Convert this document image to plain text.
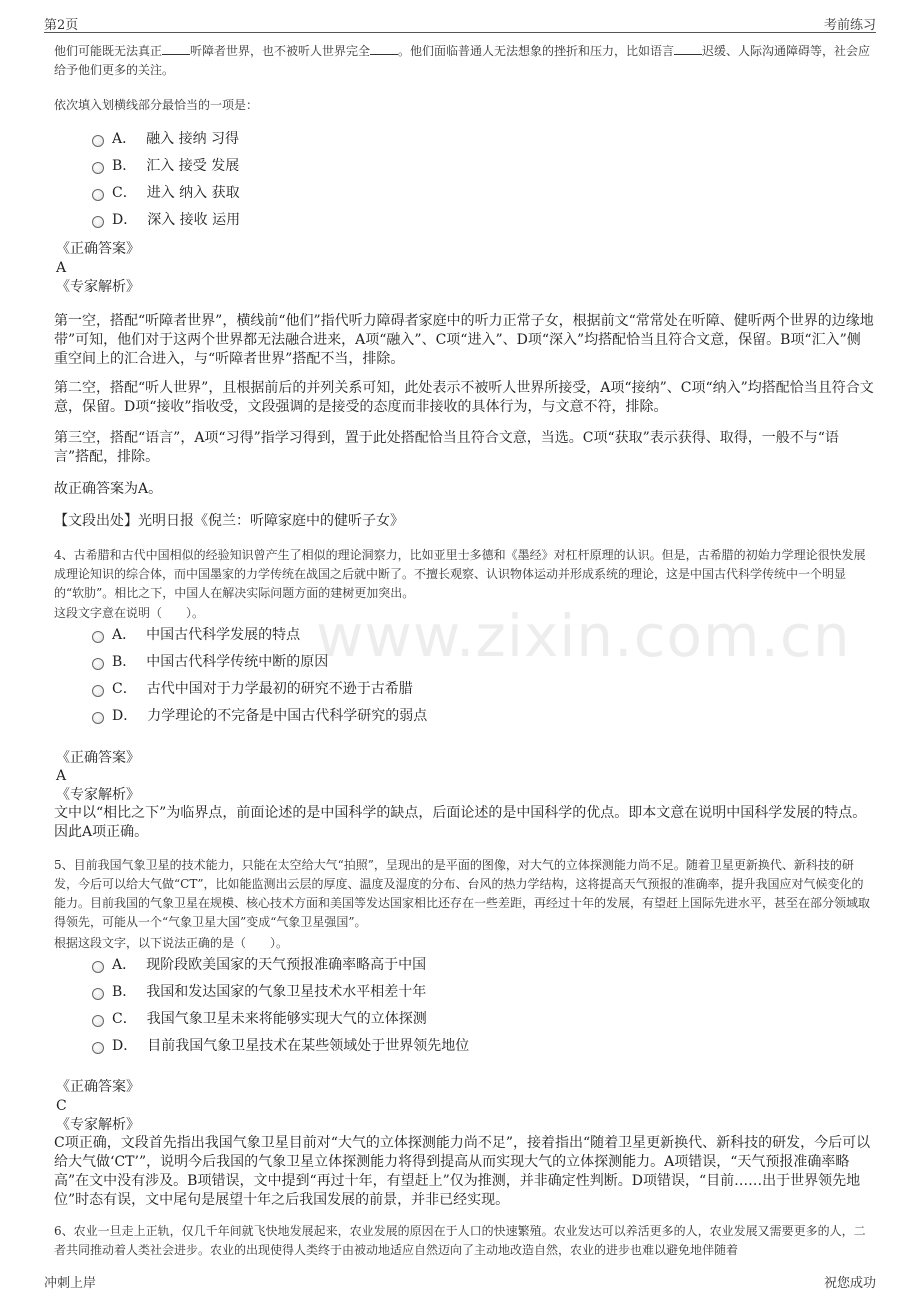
第2页	考前练习
www.zixin.com.cn

他们可能既无法真正 听障者世界，也不被听人世界完全 。他们面临普通人无法想象的挫折和压力，比如语言 迟缓、人际沟通障碍等，社会应给予他们更多的关注。

依次填入划横线部分最恰当的一项是：
A． 融入 接纳 习得
B． 汇入 接受 发展
C． 进入 纳入 获取
D． 深入 接收 运用
《正确答案》
A
《专家解析》
第一空，搭配“听障者世界”，横线前“他们”指代听力障碍者家庭中的听力正常子女，根据前文“常常处在听障、健听两个世界的边缘地带”可知，他们对于这两个世界都无法融合进来，A项“融入”、C项“进入”、D项“深入”均搭配恰当且符合文意，保留。B项“汇入”侧重空间上的汇合进入，与“听障者世界”搭配不当，排除。
第二空，搭配“听人世界”，且根据前后的并列关系可知，此处表示不被听人世界所接受，A项“接纳”、C项“纳入”均搭配恰当且符合文意，保留。D项“接收”指收受，文段强调的是接受的态度而非接收的具体行为，与文意不符，排除。
第三空，搭配“语言”，A项“习得”指学习得到，置于此处搭配恰当且符合文意，当选。C项“获取”表示获得、取得，一般不与“语言”搭配，排除。
故正确答案为A。
【文段出处】光明日报《倪兰：听障家庭中的健听子女》
4、古希腊和古代中国相似的经验知识曾产生了相似的理论洞察力，比如亚里士多德和《墨经》对杠杆原理的认识。但是，古希腊的初始力学理论很快发展成理论知识的综合体，而中国墨家的力学传统在战国之后就中断了。不擅长观察、认识物体运动并形成系统的理论，这是中国古代科学传统中一个明显的“软肋”。相比之下，中国人在解决实际问题方面的建树更加突出。
这段文字意在说明（　　）。
A． 中国古代科学发展的特点
B． 中国古代科学传统中断的原因
C． 古代中国对于力学最初的研究不逊于古希腊
D． 力学理论的不完备是中国古代科学研究的弱点
《正确答案》
A
《专家解析》
文中以“相比之下”为临界点，前面论述的是中国科学的缺点，后面论述的是中国科学的优点。即本文意在说明中国科学发展的特点。因此A项正确。
5、目前我国气象卫星的技术能力，只能在太空给大气“拍照”，呈现出的是平面的图像，对大气的立体探测能力尚不足。随着卫星更新换代、新科技的研发，今后可以给大气做“CT”，比如能监测出云层的厚度、温度及湿度的分布、台风的热力学结构，这将提高天气预报的准确率，提升我国应对气候变化的能力。目前我国的气象卫星在规模、核心技术方面和美国等发达国家相比还存在一些差距，再经过十年的发展，有望赶上国际先进水平，甚至在部分领域取得领先，可能从一个“气象卫星大国”变成“气象卫星强国”。
根据这段文字，以下说法正确的是（　　）。
A． 现阶段欧美国家的天气预报准确率略高于中国
B． 我国和发达国家的气象卫星技术水平相差十年
C． 我国气象卫星未来将能够实现大气的立体探测
D． 目前我国气象卫星技术在某些领域处于世界领先地位
《正确答案》
C
《专家解析》
C项正确，文段首先指出我国气象卫星目前对“大气的立体探测能力尚不足”，接着指出“随着卫星更新换代、新科技的研发，今后可以给大气做‘CT’”，说明今后我国的气象卫星立体探测能力将得到提高从而实现大气的立体探测能力。A项错误，“天气预报准确率略高”在文中没有涉及。B项错误，文中提到“再过十年，有望赶上”仅为推测，并非确定性判断。D项错误，“目前……出于世界领先地位”时态有误，文中尾句是展望十年之后我国发展的前景，并非已经实现。
6、农业一旦走上正轨，仅几千年间就飞快地发展起来，农业发展的原因在于人口的快速繁殖。农业发达可以养活更多的人，农业发展又需要更多的人，二者共同推动着人类社会进步。农业的出现使得人类终于由被动地适应自然迈向了主动地改造自然，农业的进步也难以避免地伴随着
冲刺上岸	祝您成功
